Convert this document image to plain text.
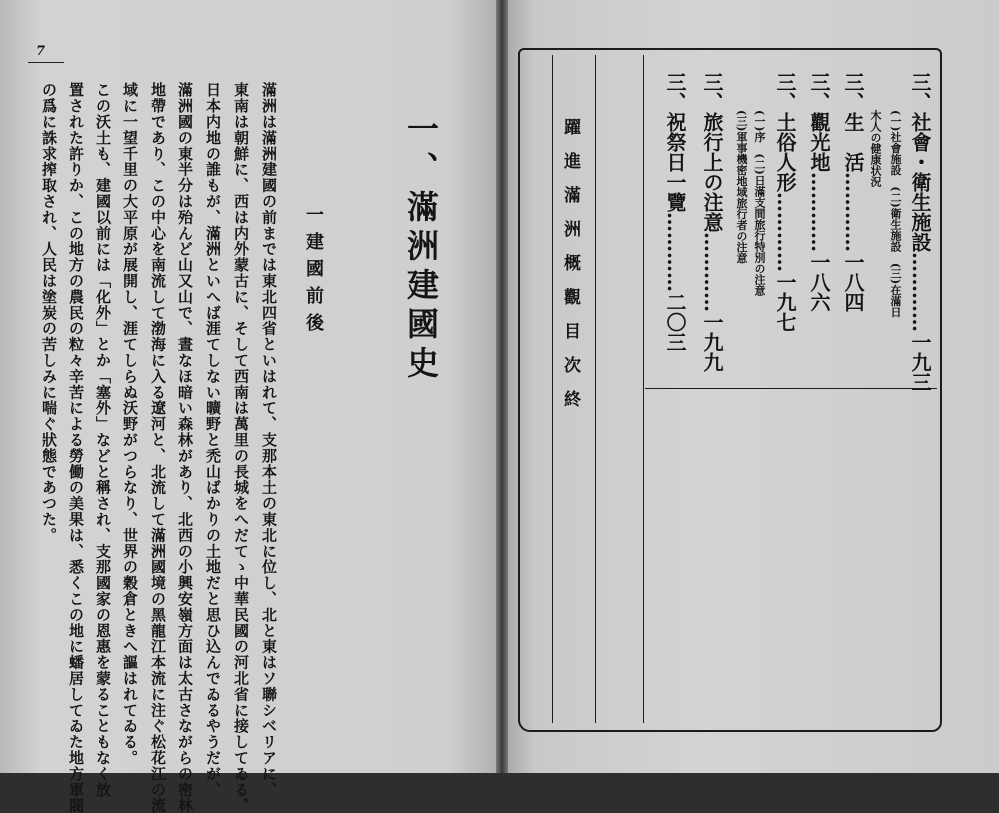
7
一、滿洲建國史
一建國前後
滿洲は滿洲建國の前までは東北四省といはれて、支那本土の東北に位し、北と東はソ聯シベリアに、
東南は朝鮮に、西は内外蒙古に、そして西南は萬里の長城をへだてゝ中華民國の河北省に接してゐる。
日本内地の誰もが、滿洲といへば涯てしない曠野と禿山ばかりの土地だと思ひ込んでゐるやうだが、
滿洲國の東半分は殆んど山又山で、晝なほ暗い森林があり、北西の小興安嶺方面は太古さながらの密林
地帶であり、この中心を南流して渤海に入る遼河と、北流して滿洲國境の黑龍江本流に注ぐ松花江の流
域に一望千里の大平原が展開し、涯てしらぬ沃野がつらなり、世界の穀倉ときへ謳はれてゐる。
この沃土も、建國以前には「化外」とか「塞外」などと稱され、支那國家の恩惠を蒙ることもなく放
置された許りか、この地方の農民の粒々辛苦による勞働の美果は、悉くこの地に蟠居してゐた地方軍閥
の爲に誅求搾取され、人民は塗炭の苦しみに喘ぐ狀態であつた。	躍進滿洲概觀目次終	三、社會・衛生施設…………一九三
(一)社會施設　(二)衛生施設　(三)在滿日
三、生　活…………一八四 木人の健康状況
三、觀光地…………一八六
三、土俗人形…………一九七
(一)序　(二)日滿支間旅行特別の注意
(三)軍事機密地域旅行者の注意
三、旅行上の注意…………一九九
三、祝祭日一覽…………二〇三
